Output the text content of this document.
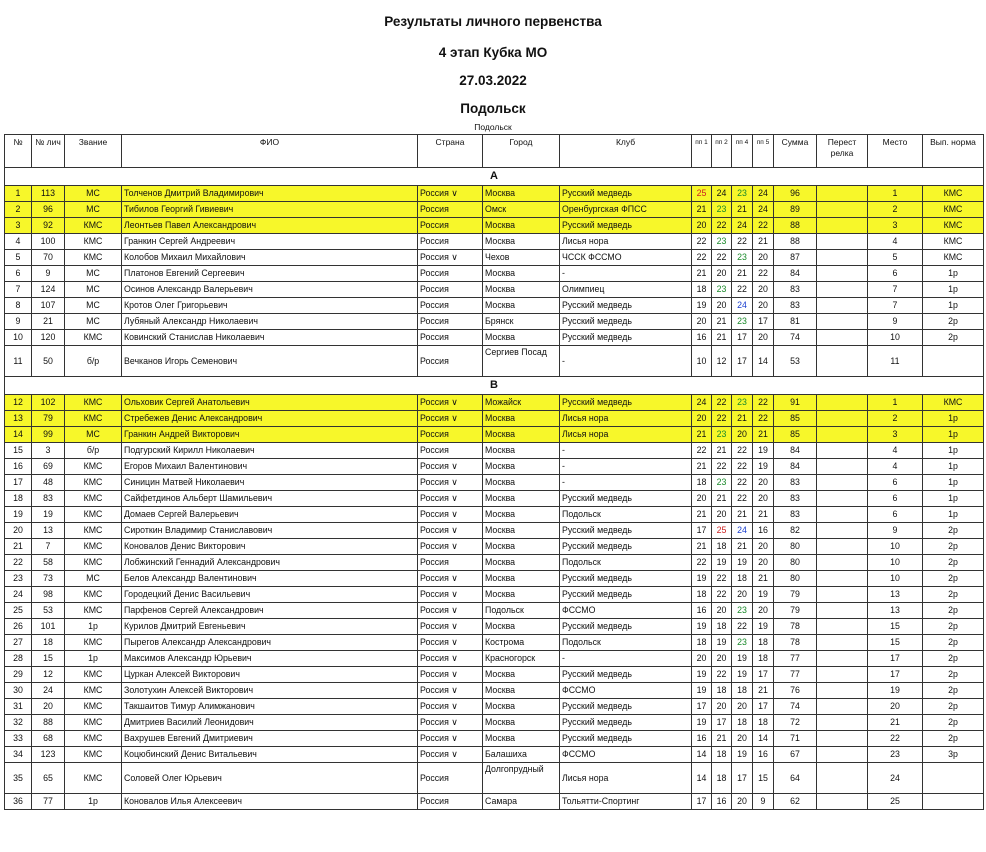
Результаты личного первенства
4 этап Кубка МО
27.03.2022
Подольск
Подольск
№	№ лич	Звание	ФИО	Страна	Город	Клуб	пп 1	пп 2	пп 4	пп 5	Сумма	Перест релка	Место	Вып. норма
А														
1	113	МС	Толченов Дмитрий Владимирович	Россия ∨	Москва	Русский медведь	25	24	23	24	96		1	КМС
2	96	МС	Тибилов Георгий Гивиевич	Россия	Омск	Оренбургская ФПСС	21	23	21	24	89		2	КМС
3	92	КМС	Леонтьев Павел Александрович	Россия	Москва	Русский медведь	20	22	24	22	88		3	КМС
4	100	КМС	Гранкин Сергей Андреевич	Россия	Москва	Лисья нора	22	23	22	21	88		4	КМС
5	70	КМС	Колобов Михаил Михайлович	Россия ∨	Чехов	ЧССК ФССМО	22	22	23	20	87		5	КМС
6	9	МС	Платонов Евгений Сергеевич	Россия	Москва	-	21	20	21	22	84		6	1р
7	124	МС	Осинов Александр Валерьевич	Россия	Москва	Олимпиец	18	23	22	20	83		7	1р
8	107	МС	Кротов Олег Григорьевич	Россия	Москва	Русский медведь	19	20	24	20	83		7	1р
9	21	МС	Лубяный Александр Николаевич	Россия	Брянск	Русский медведь	20	21	23	17	81		9	2р
10	120	КМС	Ковинский Станислав Николаевич	Россия	Москва	Русский медведь	16	21	17	20	74		10	2р
11	50	б/р	Вечканов Игорь Семенович	Россия	Сергиев Посад	-	10	12	17	14	53		11	
В														
12	102	КМС	Ольховик Сергей Анатольевич	Россия ∨	Можайск	Русский медведь	24	22	23	22	91		1	КМС
13	79	КМС	Стребежев Денис Александрович	Россия ∨	Москва	Лисья нора	20	22	21	22	85		2	1р
14	99	МС	Гранкин Андрей Викторович	Россия	Москва	Лисья нора	21	23	20	21	85		3	1р
15	3	б/р	Подгурский Кирилл Николаевич	Россия	Москва	-	22	21	22	19	84		4	1р
16	69	КМС	Егоров Михаил Валентинович	Россия ∨	Москва	-	21	22	22	19	84		4	1р
17	48	КМС	Синицин Матвей Николаевич	Россия ∨	Москва	-	18	23	22	20	83		6	1р
18	83	КМС	Сайфетдинов Альберт Шамильевич	Россия ∨	Москва	Русский медведь	20	21	22	20	83		6	1р
19	19	КМС	Домаев Сергей Валерьевич	Россия ∨	Москва	Подольск	21	20	21	21	83		6	1р
20	13	КМС	Сироткин Владимир Станиславович	Россия ∨	Москва	Русский медведь	17	25	24	16	82		9	2р
21	7	КМС	Коновалов Денис Викторович	Россия ∨	Москва	Русский медведь	21	18	21	20	80		10	2р
22	58	КМС	Лобжинский Геннадий Александрович	Россия	Москва	Подольск	22	19	19	20	80		10	2р
23	73	МС	Белов Александр Валентинович	Россия ∨	Москва	Русский медведь	19	22	18	21	80		10	2р
24	98	КМС	Городецкий Денис Васильевич	Россия ∨	Москва	Русский медведь	18	22	20	19	79		13	2р
25	53	КМС	Парфенов Сергей Александрович	Россия ∨	Подольск	ФССМО	16	20	23	20	79		13	2р
26	101	1р	Курилов Дмитрий Евгеньевич	Россия ∨	Москва	Русский медведь	19	18	22	19	78		15	2р
27	18	КМС	Пырегов Александр Александрович	Россия ∨	Кострома	Подольск	18	19	23	18	78		15	2р
28	15	1р	Максимов Александр Юрьевич	Россия ∨	Красногорск	-	20	20	19	18	77		17	2р
29	12	КМС	Цуркан Алексей Викторович	Россия ∨	Москва	Русский медведь	19	22	19	17	77		17	2р
30	24	КМС	Золотухин Алексей Викторович	Россия ∨	Москва	ФССМО	19	18	18	21	76		19	2р
31	20	КМС	Такшаитов Тимур Алимжанович	Россия ∨	Москва	Русский медведь	17	20	20	17	74		20	2р
32	88	КМС	Дмитриев Василий Леонидович	Россия ∨	Москва	Русский медведь	19	17	18	18	72		21	2р
33	68	КМС	Вахрушев Евгений Дмитриевич	Россия ∨	Москва	Русский медведь	16	21	20	14	71		22	2р
34	123	КМС	Коцюбинский Денис Витальевич	Россия ∨	Балашиха	ФССМО	14	18	19	16	67		23	3р
35	65	КМС	Соловей Олег Юрьевич	Россия	Долгопрудный	Лисья нора	14	18	17	15	64		24	
36	77	1р	Коновалов Илья Алексеевич	Россия	Самара	Тольятти-Спортинг	17	16	20	9	62		25	
